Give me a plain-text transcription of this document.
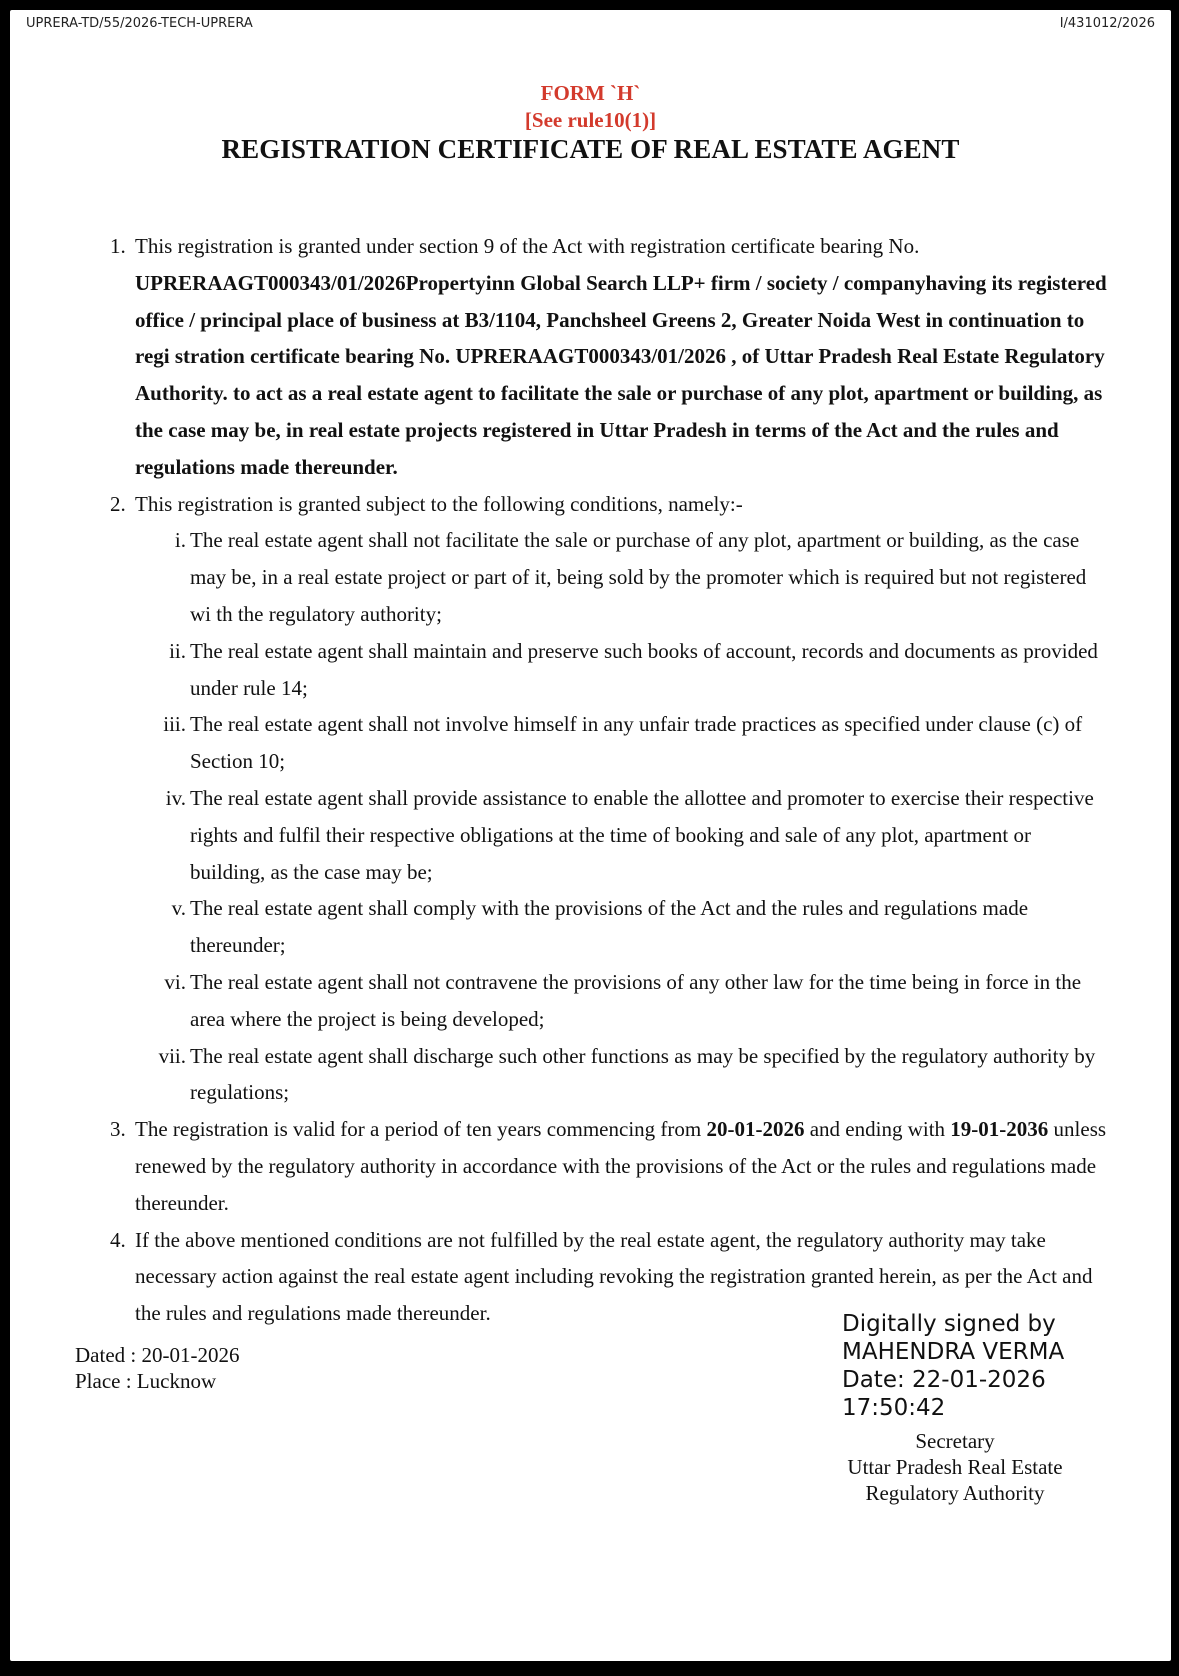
UPRERA-TD/55/2026-TECH-UPRERA	I/431012/2026
FORM `H`
[See rule10(1)]
REGISTRATION CERTIFICATE OF REAL ESTATE AGENT
1. This registration is granted under section 9 of the Act with registration certificate bearing No.
UPRERAAGT000343/01/2026Propertyinn Global Search LLP+ firm / society / companyhaving its registered office / principal place of business at B3/1104, Panchsheel Greens 2, Greater Noida West in continuation to regi stration certificate bearing No. UPRERAAGT000343/01/2026 , of Uttar Pradesh Real Estate Regulatory Authority. to act as a real estate agent to facilitate the sale or purchase of any plot, apartment or building, as the case may be, in real estate projects registered in Uttar Pradesh in terms of the Act and the rules and regulations made thereunder.
2. This registration is granted subject to the following conditions, namely:-
i. The real estate agent shall not facilitate the sale or purchase of any plot, apartment or building, as the case may be, in a real estate project or part of it, being sold by the promoter which is required but not registered wi th the regulatory authority;
ii. The real estate agent shall maintain and preserve such books of account, records and documents as provided under rule 14;
iii. The real estate agent shall not involve himself in any unfair trade practices as specified under clause (c) of Section 10;
iv. The real estate agent shall provide assistance to enable the allottee and promoter to exercise their respective rights and fulfil their respective obligations at the time of booking and sale of any plot, apartment or building, as the case may be;
v. The real estate agent shall comply with the provisions of the Act and the rules and regulations made thereunder;
vi. The real estate agent shall not contravene the provisions of any other law for the time being in force in the area where the project is being developed;
vii. The real estate agent shall discharge such other functions as may be specified by the regulatory authority by regulations;
3. The registration is valid for a period of ten years commencing from 20-01-2026 and ending with 19-01-2036 unless renewed by the regulatory authority in accordance with the provisions of the Act or the rules and regulations made thereunder.
4. If the above mentioned conditions are not fulfilled by the real estate agent, the regulatory authority may take necessary action against the real estate agent including revoking the registration granted herein, as per the Act and the rules and regulations made thereunder.
Dated : 20-01-2026
Place : Lucknow
Digitally signed by
MAHENDRA VERMA
Date: 22-01-2026
17:50:42
Secretary
Uttar Pradesh Real Estate
Regulatory Authority
